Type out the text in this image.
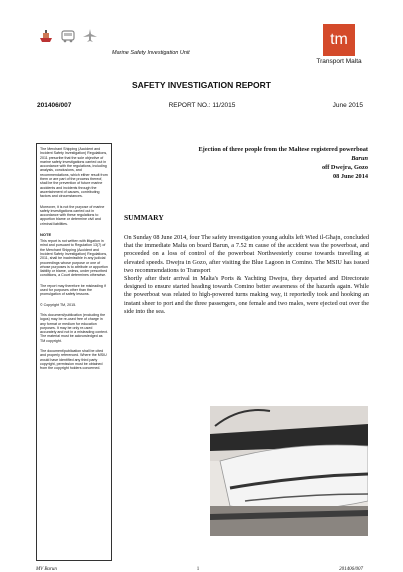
Marine Safety Investigation Unit
tm
Transport Malta
SAFETY INVESTIGATION REPORT
201406/007	REPORT NO.: 11/2015	June 2015

The Merchant Shipping (Accident and Incident Safety Investigation) Regulations, 2011 prescribe that the sole objective of marine safety investigations carried out in accordance with the regulations, including analysis, conclusions, and recommendations, which either result from them or are part of the process thereof, shall be the prevention of future marine accidents and incidents through the ascertainment of causes, contributing factors and circumstances.

Moreover, it is not the purpose of marine safety investigations carried out in accordance with these regulations to apportion blame or determine civil and criminal liabilities.

NOTE

This report is not written with litigation in mind and pursuant to Regulation 13(7) of the Merchant Shipping (Accident and Incident Safety Investigation) Regulations, 2011, shall be inadmissible in any judicial proceedings whose purpose or one of whose purposes is to attribute or apportion liability or blame, unless, under prescribed conditions, a Court determines otherwise.

The report may therefore be misleading if used for purposes other than the promulgation of safety lessons.

© Copyright TM, 2015.

This document/publication (excluding the logos) may be re-used free of charge in any format or medium for education purposes. It may be only re-used accurately and not in a misleading context. The material must be acknowledged as TM copyright.

The document/publication shall be cited and properly referenced. Where the MSIU would have identified any third party copyright, permission must be obtained from the copyright holders concerned.

Ejection of three people from the Maltese registered powerboat
Barun
off Dwejra, Gozo
08 June 2014
SUMMARY

On Sunday 08 June 2014, four The safety investigation young adults left Wied il-Għajn, concluded that the immediate Malta on board Barun, a 7.52 m cause of the accident was the powerboat, and proceeded on a loss of control of the powerboat Northwesterly course towards travelling at elevated speeds. Dwejra in Gozo, after visiting the Blue Lagoon in Comino. The MSIU has issued two recommendations to Transport

Shortly after their arrival in Malta's Ports & Yachting Dwejra, they departed and Directorate designed to ensure started heading towards Comino better awareness of the hazards again. While the powerboat was related to high-powered turns making way, it reportedly took and hooking an instant sheer to port and the three passengers, one female and two males, were ejected out over the side into the sea.

MV Barun	1	201406/007
